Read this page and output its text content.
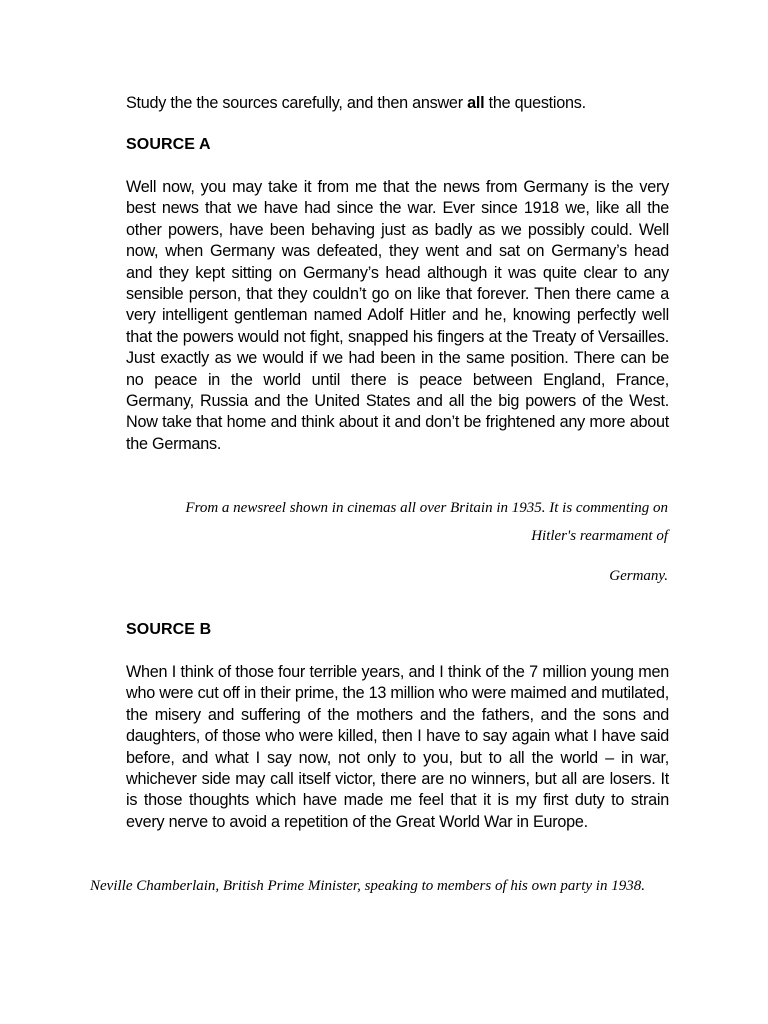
Study the the sources carefully, and then answer all the questions.

SOURCE A

Well now, you may take it from me that the news from Germany is the very best news that we have had since the war. Ever since 1918 we, like all the other powers, have been behaving just as badly as we possibly could. Well now, when Germany was defeated, they went and sat on Germany’s head and they kept sitting on Germany’s head although it was quite clear to any sensible person, that they couldn’t go on like that forever. Then there came a very intelligent gentleman named Adolf Hitler and he, knowing perfectly well that the powers would not fight, snapped his fingers at the Treaty of Versailles. Just exactly as we would if we had been in the same position. There can be no peace in the world until there is peace between England, France, Germany, Russia and the United States and all the big powers of the West. Now take that home and think about it and don’t be frightened any more about the Germans.

From a newsreel shown in cinemas all over Britain in 1935. It is commenting on
Hitler's rearmament of
Germany.
SOURCE B

When I think of those four terrible years, and I think of the 7 million young men who were cut off in their prime, the 13 million who were maimed and mutilated, the misery and suffering of the mothers and the fathers, and the sons and daughters, of those who were killed, then I have to say again what I have said before, and what I say now, not only to you, but to all the world – in war, whichever side may call itself victor, there are no winners, but all are losers. It is those thoughts which have made me feel that it is my first duty to strain every nerve to avoid a repetition of the Great World War in Europe.

Neville Chamberlain, British Prime Minister, speaking to members of his own party in 1938.
